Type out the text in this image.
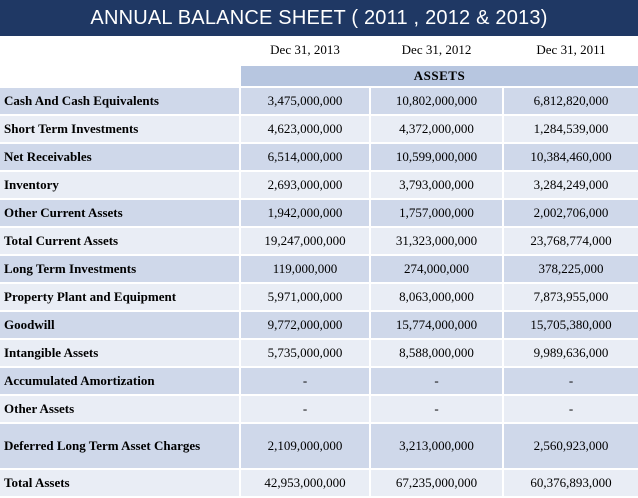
ANNUAL BALANCE SHEET ( 2011 , 2012 & 2013)
	Dec 31, 2013	Dec 31, 2012	Dec 31, 2011
	ASSETS		
Cash And Cash Equivalents	3,475,000,000	10,802,000,000	6,812,820,000
Short Term Investments	4,623,000,000	4,372,000,000	1,284,539,000
Net Receivables	6,514,000,000	10,599,000,000	10,384,460,000
Inventory	2,693,000,000	3,793,000,000	3,284,249,000
Other Current Assets	1,942,000,000	1,757,000,000	2,002,706,000
Total Current Assets	19,247,000,000	31,323,000,000	23,768,774,000
Long Term Investments	119,000,000	274,000,000	378,225,000
Property Plant and Equipment	5,971,000,000	8,063,000,000	7,873,955,000
Goodwill	9,772,000,000	15,774,000,000	15,705,380,000
Intangible Assets	5,735,000,000	8,588,000,000	9,989,636,000
Accumulated Amortization	-	-	-
Other Assets	-	-	-
Deferred Long Term Asset Charges	2,109,000,000	3,213,000,000	2,560,923,000
Total Assets	42,953,000,000	67,235,000,000	60,376,893,000
